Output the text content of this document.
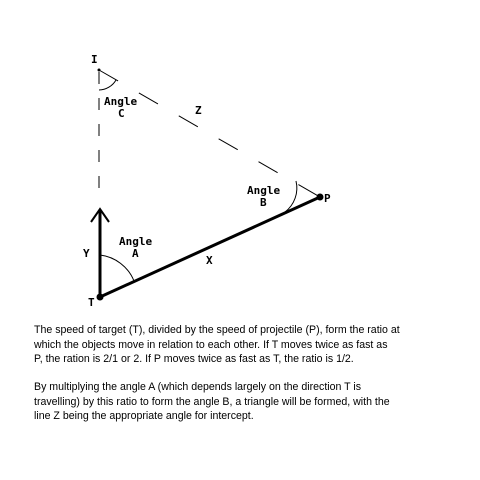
T
P
I
Y
X
Z
Angle
A
Angle
B
Angle
C

The speed of target (T), divided by the speed of projectile (P), form the ratio at
which the objects move in relation to each other. If T moves twice as fast as
P, the ration is 2/1 or 2. If P moves twice as fast as T, the ratio is 1/2.

By multiplying the angle A (which depends largely on the direction T is
travelling) by this ratio to form the angle B, a triangle will be formed, with the
line Z being the appropriate angle for intercept.
